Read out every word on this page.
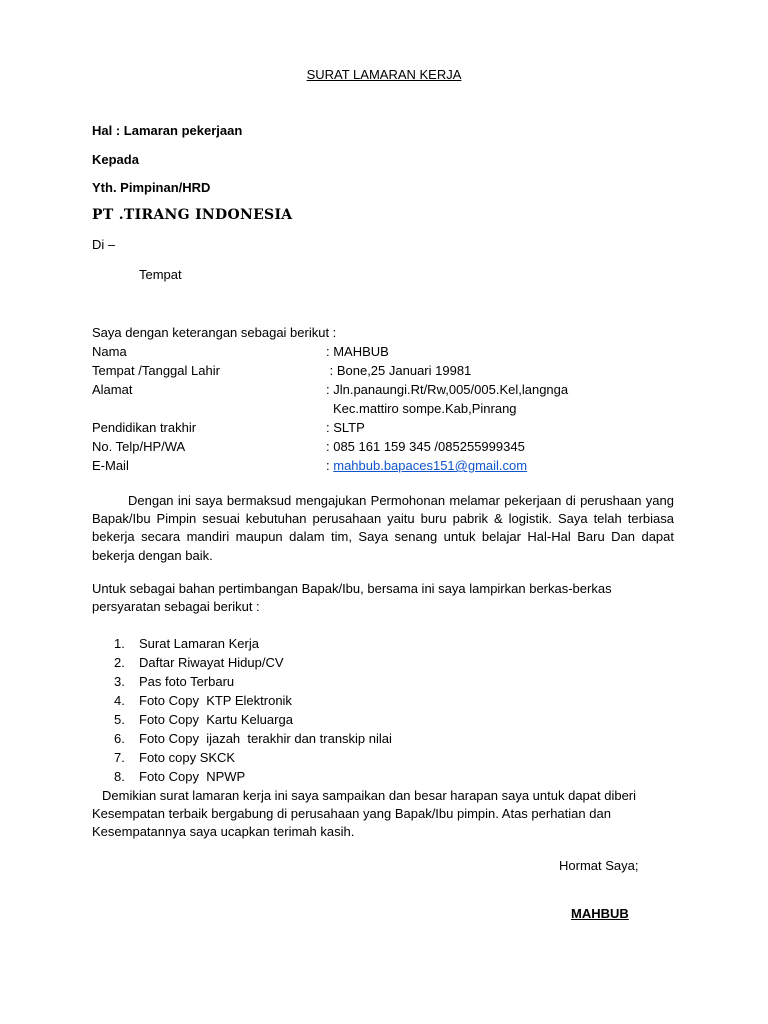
SURAT LAMARAN KERJA
Hal : Lamaran pekerjaan
Kepada
Yth. Pimpinan/HRD
PT .TIRANG INDONESIA
Di –
Tempat
Saya dengan keterangan sebagai berikut :
Nama	: MAHBUB
Tempat /Tanggal Lahir	: Bone,25 Januari 19981
Alamat	: Jln.panaungi.Rt/Rw,005/005.Kel,langnga
Kec.mattiro sompe.Kab,Pinrang
Pendidikan trakhir	: SLTP
No. Telp/HP/WA	: 085 161 159 345 /085255999345
E-Mail	: mahbub.bapaces151@gmail.com
Dengan ini saya bermaksud mengajukan Permohonan melamar pekerjaan di perushaan yang Bapak/Ibu Pimpin sesuai kebutuhan perusahaan yaitu buru pabrik & logistik. Saya telah terbiasa bekerja secara mandiri maupun dalam tim, Saya senang untuk belajar Hal-Hal Baru Dan dapat bekerja dengan baik.
Untuk sebagai bahan pertimbangan Bapak/Ibu, bersama ini saya lampirkan berkas-berkas persyaratan sebagai berikut :
1. Surat Lamaran Kerja
2. Daftar Riwayat Hidup/CV
3. Pas foto Terbaru
4. Foto Copy  KTP Elektronik
5. Foto Copy  Kartu Keluarga
6. Foto Copy  ijazah  terakhir dan transkip nilai
7. Foto copy SKCK
8. Foto Copy  NPWP
Demikian surat lamaran kerja ini saya sampaikan dan besar harapan saya untuk dapat diberi Kesempatan terbaik bergabung di perusahaan yang Bapak/Ibu pimpin. Atas perhatian dan Kesempatannya saya ucapkan terimah kasih.
Hormat Saya;
MAHBUB
